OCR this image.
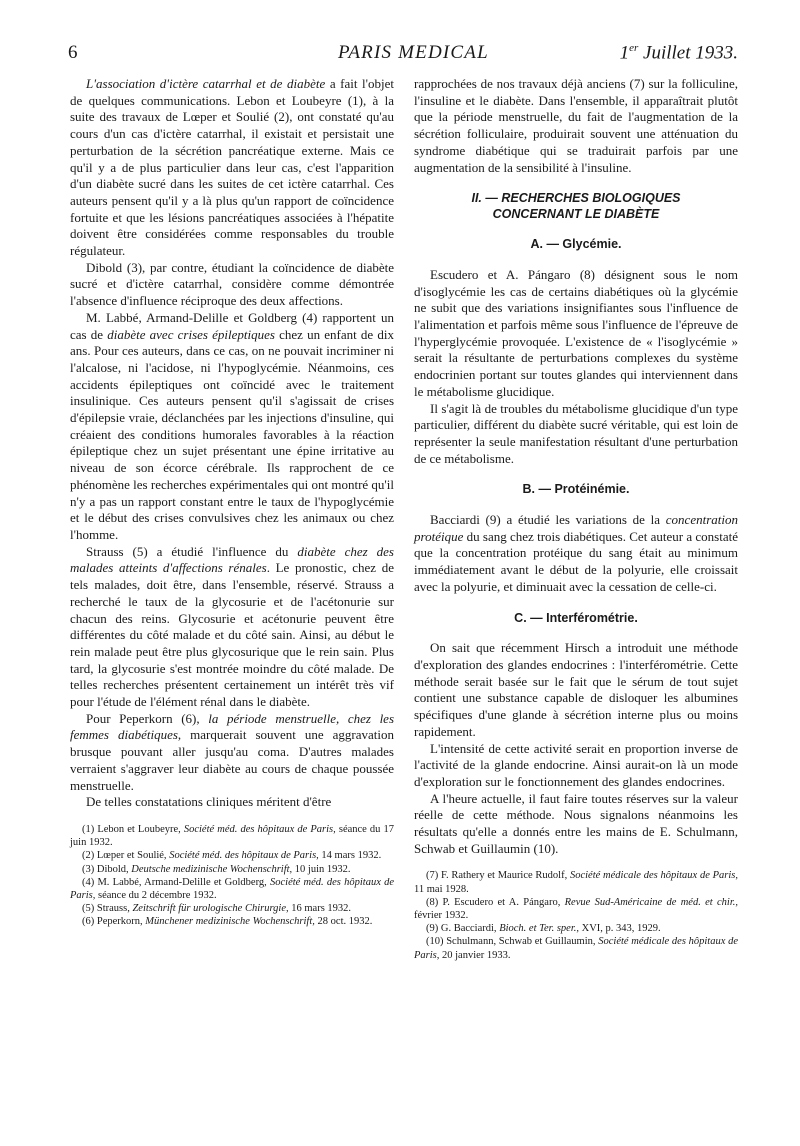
6	PARIS MEDICAL	1er Juillet 1933.

L'association d'ictère catarrhal et de diabète a fait l'objet de quelques communications. Lebon et Loubeyre (1), à la suite des travaux de Lœper et Soulié (2), ont constaté qu'au cours d'un cas d'ictère catarrhal, il existait et persistait une perturbation de la sécrétion pancréatique externe. Mais ce qu'il y a de plus particulier dans leur cas, c'est l'apparition d'un diabète sucré dans les suites de cet ictère catarrhal. Ces auteurs pensent qu'il y a là plus qu'un rapport de coïncidence fortuite et que les lésions pancréatiques associées à l'hépatite doivent être considérées comme responsables du trouble régulateur.

Dibold (3), par contre, étudiant la coïncidence de diabète sucré et d'ictère catarrhal, considère comme démontrée l'absence d'influence réciproque des deux affections.

M. Labbé, Armand-Delille et Goldberg (4) rapportent un cas de diabète avec crises épileptiques chez un enfant de dix ans. Pour ces auteurs, dans ce cas, on ne pouvait incriminer ni l'alcalose, ni l'acidose, ni l'hypoglycémie. Néanmoins, ces accidents épileptiques ont coïncidé avec le traitement insulinique. Ces auteurs pensent qu'il s'agissait de crises d'épilepsie vraie, déclanchées par les injections d'insuline, qui créaient des conditions humorales favorables à la réaction épileptique chez un sujet présentant une épine irritative au niveau de son écorce cérébrale. Ils rapprochent de ce phénomène les recherches expérimentales qui ont montré qu'il n'y a pas un rapport constant entre le taux de l'hypoglycémie et le début des crises convulsives chez les animaux ou chez l'homme.

Strauss (5) a étudié l'influence du diabète chez des malades atteints d'affections rénales. Le pronostic, chez de tels malades, doit être, dans l'ensemble, réservé. Strauss a recherché le taux de la glycosurie et de l'acétonurie sur chacun des reins. Glycosurie et acétonurie peuvent être différentes du côté malade et du côté sain. Ainsi, au début le rein malade peut être plus glycosurique que le rein sain. Plus tard, la glycosurie s'est montrée moindre du côté malade. De telles recherches présentent certainement un intérêt très vif pour l'étude de l'élément rénal dans le diabète.

Pour Peperkorn (6), la période menstruelle, chez les femmes diabétiques, marquerait souvent une aggravation brusque pouvant aller jusqu'au coma. D'autres malades verraient s'aggraver leur diabète au cours de chaque poussée menstruelle.

De telles constatations cliniques méritent d'être

(1) Lebon et Loubeyre, Société méd. des hôpitaux de Paris, séance du 17 juin 1932.

(2) Lœper et Soulié, Société méd. des hôpitaux de Paris, 14 mars 1932.

(3) Dibold, Deutsche medizinische Wochenschrift, 10 juin 1932.

(4) M. Labbé, Armand-Delille et Goldberg, Société méd. des hôpitaux de Paris, séance du 2 décembre 1932.

(5) Strauss, Zeitschrift für urologische Chirurgie, 16 mars 1932.

(6) Peperkorn, Münchener medizinische Wochenschrift, 28 oct. 1932.

rapprochées de nos travaux déjà anciens (7) sur la folliculine, l'insuline et le diabète. Dans l'ensemble, il apparaîtrait plutôt que la période menstruelle, du fait de l'augmentation de la sécrétion folliculaire, produirait souvent une atténuation du syndrome diabétique qui se traduirait parfois par une augmentation de la sensibilité à l'insuline.

II. — RECHERCHES BIOLOGIQUES
CONCERNANT LE DIABÈTE
A. — Glycémie.

Escudero et A. Pángaro (8) désignent sous le nom d'isoglycémie les cas de certains diabétiques où la glycémie ne subit que des variations insignifiantes sous l'influence de l'alimentation et parfois même sous l'influence de l'épreuve de l'hyperglycémie provoquée. L'existence de « l'isoglycémie » serait la résultante de perturbations complexes du système endocrinien portant sur toutes glandes qui interviennent dans le métabolisme glucidique.

Il s'agit là de troubles du métabolisme glucidique d'un type particulier, différent du diabète sucré véritable, qui est loin de représenter la seule manifestation résultant d'une perturbation de ce métabolisme.

B. — Protéinémie.

Bacciardi (9) a étudié les variations de la concentration protéique du sang chez trois diabétiques. Cet auteur a constaté que la concentration protéique du sang était au minimum immédiatement avant le début de la polyurie, elle croissait avec la polyurie, et diminuait avec la cessation de celle-ci.

C. — Interférométrie.

On sait que récemment Hirsch a introduit une méthode d'exploration des glandes endocrines : l'interférométrie. Cette méthode serait basée sur le fait que le sérum de tout sujet contient une substance capable de disloquer les albumines spécifiques d'une glande à sécrétion interne plus ou moins rapidement.

L'intensité de cette activité serait en proportion inverse de l'activité de la glande endocrine. Ainsi aurait-on là un mode d'exploration sur le fonctionnement des glandes endocrines.

A l'heure actuelle, il faut faire toutes réserves sur la valeur réelle de cette méthode. Nous signalons néanmoins les résultats qu'elle a donnés entre les mains de E. Schulmann, Schwab et Guillaumin (10).

(7) F. Rathery et Maurice Rudolf, Société médicale des hôpitaux de Paris, 11 mai 1928.

(8) P. Escudero et A. Pángaro, Revue Sud-Américaine de méd. et chir., février 1932.

(9) G. Bacciardi, Bioch. et Ter. sper., XVI, p. 343, 1929.

(10) Schulmann, Schwab et Guillaumin, Société médicale des hôpitaux de Paris, 20 janvier 1933.
